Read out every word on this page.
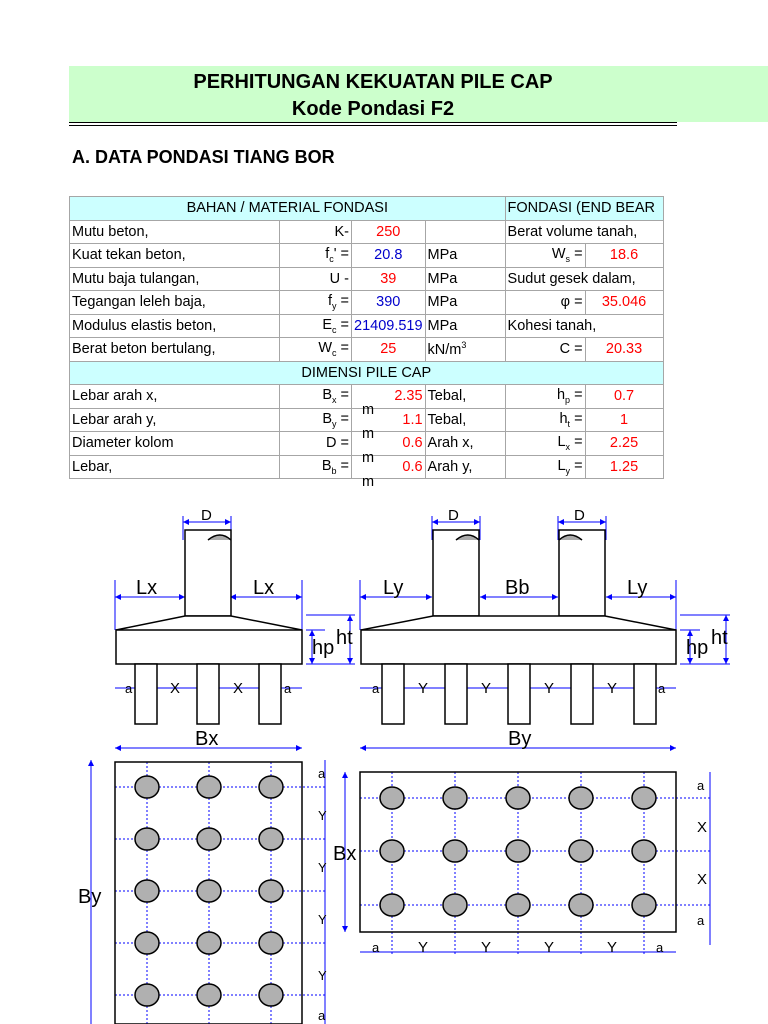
PERHITUNGAN KEKUATAN PILE CAP
Kode Pondasi F2
A. DATA PONDASI TIANG BOR
BAHAN / MATERIAL FONDASI				FONDASI (END BEAR	
Mutu beton,	K-	250		Berat volume tanah,	
Kuat tekan beton,	$f_c'$ =	20.8	MPa	$W_s$ =	18.6
Mutu baja tulangan,	U -	39	MPa	Sudut gesek dalam,	
Tegangan leleh baja,	$f_y$ =	390	MPa	φ =	35.046
Modulus elastis beton,	$E_c$ =	21409.519	MPa	Kohesi tanah,	
Berat beton bertulang,	$W_c$ =	25	$kN/m^3$	C =	20.33
DIMENSI PILE CAP					
Lebar arah x,	$B_x$ =	2.35	Tebal,	$h_p$ =	0.7
Lebar arah y,	$B_y$ =	1.1	Tebal,	$h_t$ =	1
Diameter kolom	D =	0.6	Arah x,	$L_x$ =	2.25
Lebar,	$B_b$ =	0.6	Arah y,	$L_y$ =	1.25
m
m
m
m
D	D	D
Lx	Lx	Ly	Bb	Ly
hp ht	hp ht
a	X	X	a	a	Y	Y	Y	Y	a
Bx	By
By
Bx
a
Y
Y
Y
Y
a
a
X
X
a
a	Y	Y	Y	Y	a
